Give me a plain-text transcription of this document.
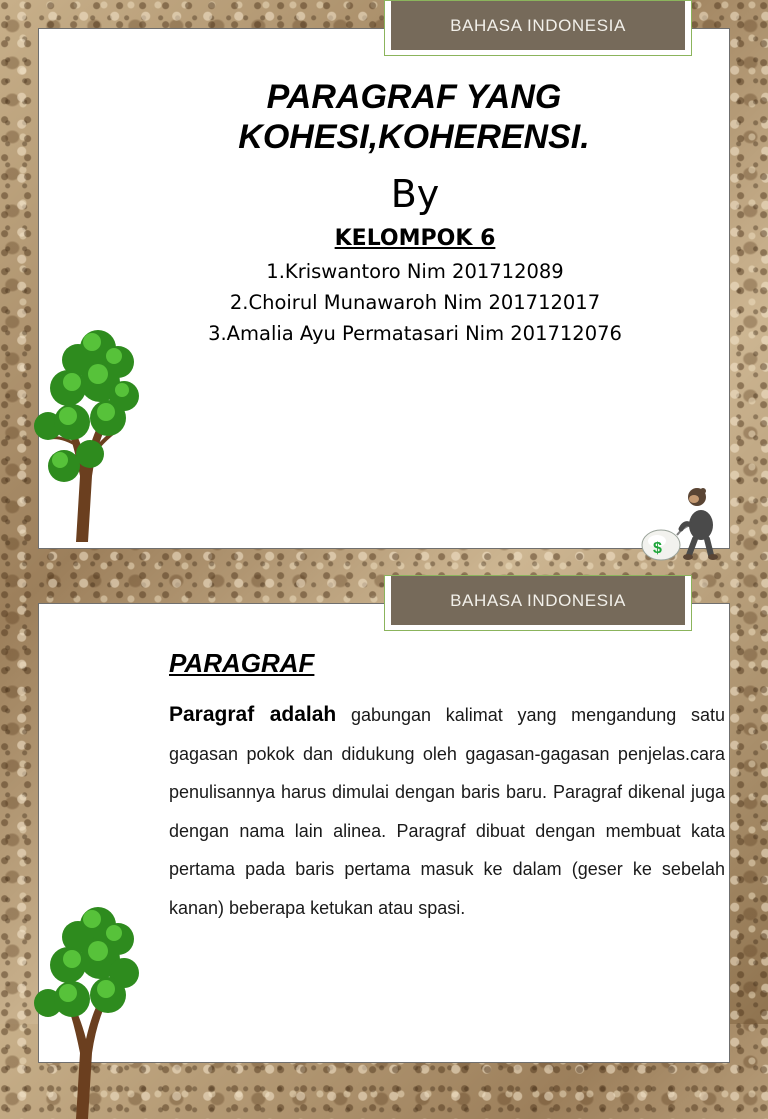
PARAGRAF YANG
KOHESI,KOHERENSI.
By
KELOMPOK 6
1.Kriswantoro Nim 201712089
2.Choirul Munawaroh Nim 201712017
3.Amalia Ayu Permatasari Nim 201712076
$
BAHASA INDONESIA
PARAGRAF

Paragraf adalah gabungan kalimat yang mengandung satu gagasan pokok dan didukung oleh gagasan-gagasan penjelas.cara penulisannya harus dimulai dengan baris baru. Paragraf dikenal juga dengan nama lain alinea. Paragraf dibuat dengan membuat kata pertama pada baris pertama masuk ke dalam (geser ke sebelah kanan) beberapa ketukan atau spasi.

BAHASA INDONESIA
